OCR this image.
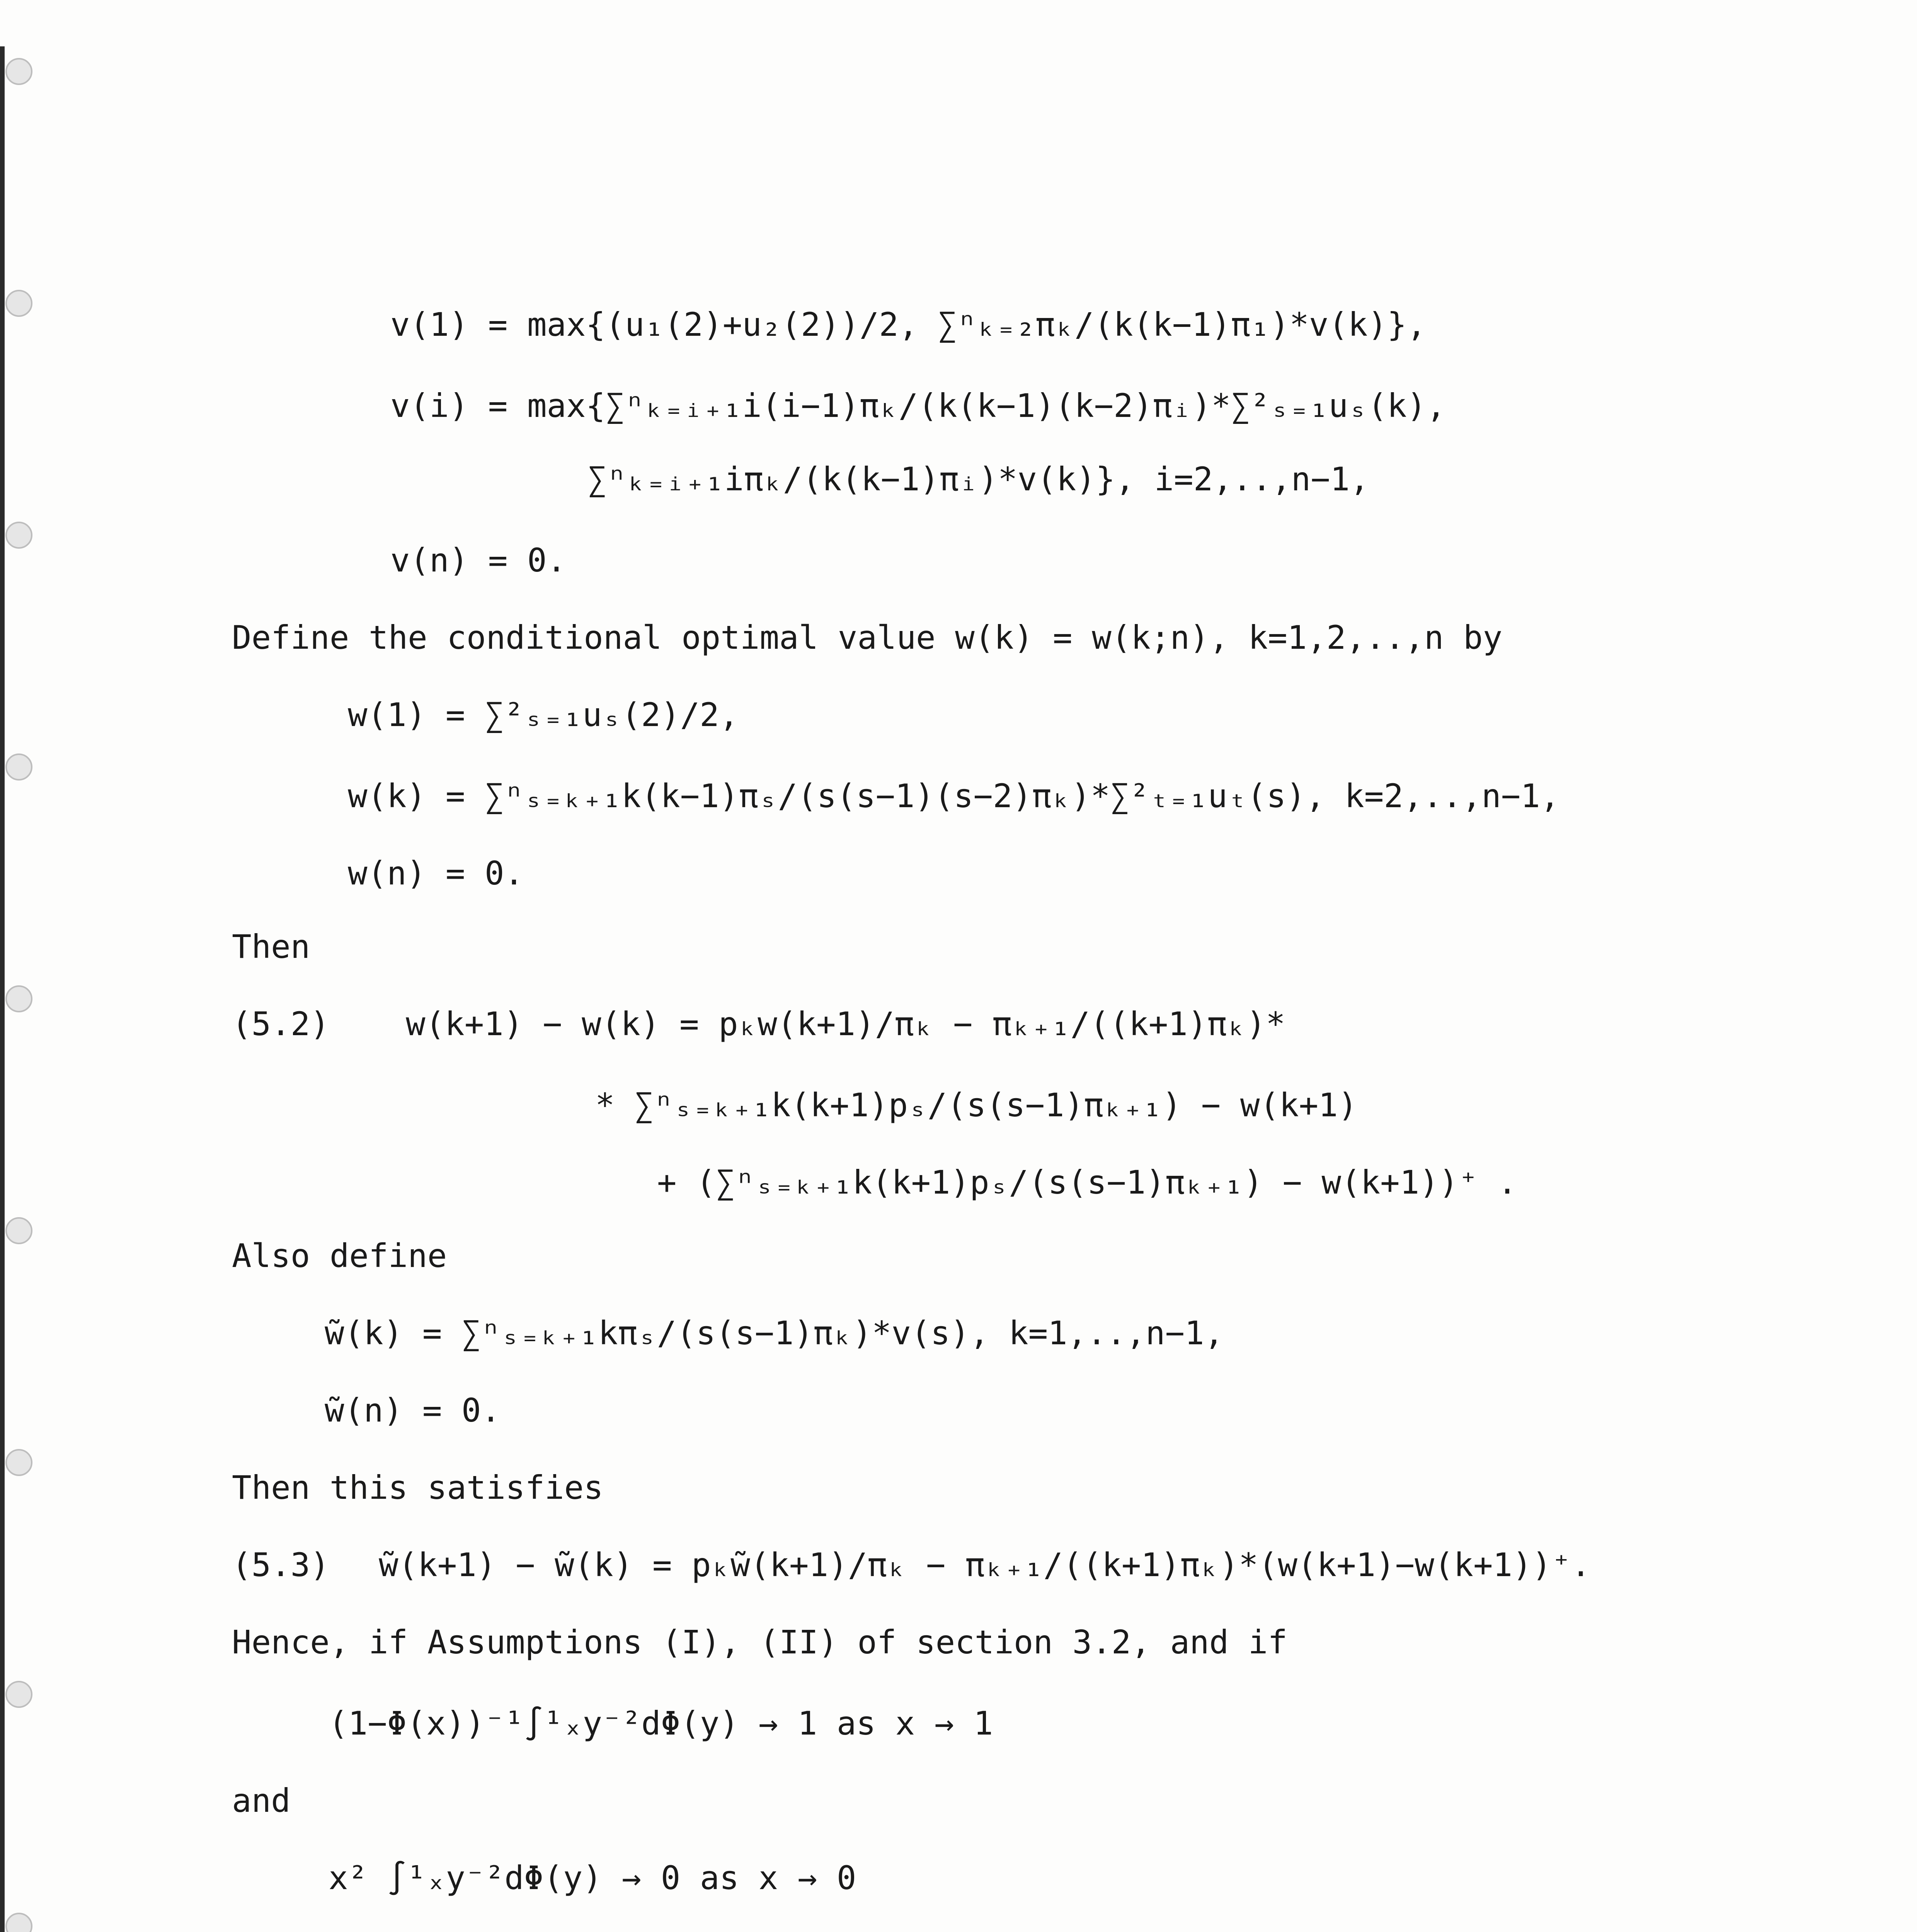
v(1) = max{(u₁(2)+u₂(2))/2, ∑ⁿₖ₌₂πₖ/(k(k−1)π₁)*v(k)},
v(i) = max{∑ⁿₖ₌ᵢ₊₁i(i−1)πₖ/(k(k−1)(k−2)πᵢ)*∑²ₛ₌₁uₛ(k),
∑ⁿₖ₌ᵢ₊₁iπₖ/(k(k−1)πᵢ)*v(k)}, i=2,..,n−1,
v(n) = 0.
Define the conditional optimal value w(k) = w(k;n), k=1,2,..,n by
w(1) = ∑²ₛ₌₁uₛ(2)/2,
w(k) = ∑ⁿₛ₌ₖ₊₁k(k−1)πₛ/(s(s−1)(s−2)πₖ)*∑²ₜ₌₁uₜ(s), k=2,..,n−1,
w(n) = 0.
Then
(5.2) w(k+1) − w(k) = pₖw(k+1)/πₖ − πₖ₊₁/((k+1)πₖ)*
* ∑ⁿₛ₌ₖ₊₁k(k+1)pₛ/(s(s−1)πₖ₊₁) − w(k+1)
+ (∑ⁿₛ₌ₖ₊₁k(k+1)pₛ/(s(s−1)πₖ₊₁) − w(k+1))⁺ .
Also define
w̃(k) = ∑ⁿₛ₌ₖ₊₁kπₛ/(s(s−1)πₖ)*v(s), k=1,..,n−1,
w̃(n) = 0.
Then this satisfies
(5.3) w̃(k+1) − w̃(k) = pₖw̃(k+1)/πₖ − πₖ₊₁/((k+1)πₖ)*(w(k+1)−w(k+1))⁺.
Hence, if Assumptions (I), (II) of section 3.2, and if
(1−Φ(x))⁻¹∫¹ₓy⁻²dΦ(y) → 1 as x → 1
and
x² ∫¹ₓy⁻²dΦ(y) → 0 as x → 0
